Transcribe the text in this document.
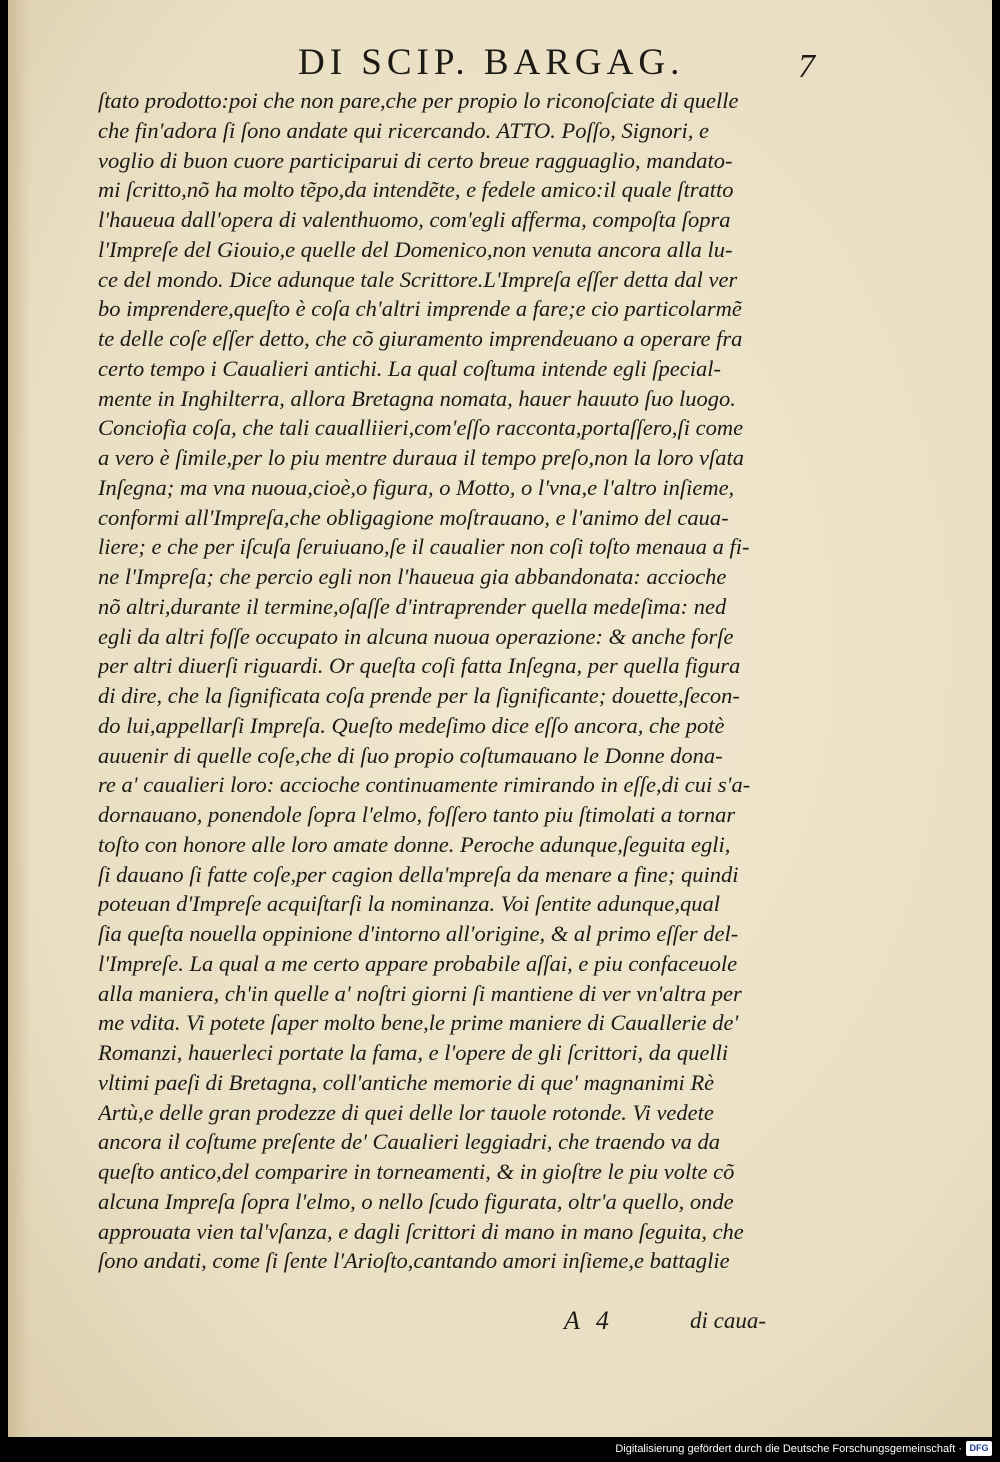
DI SCIP. BARGAG.	7
ſtato prodotto:poi che non pare,che per propio lo riconoſciate di quelle
che fin'adora ſi ſono andate qui ricercando. ATTO. Poſſo, Signori, e
voglio di buon cuore participarui di certo breue ragguaglio, mandato-
mi ſcritto,nõ ha molto tẽpo,da intendẽte, e fedele amico:il quale ſtratto
l'haueua dall'opera di valenthuomo, com'egli afferma, compoſta ſopra
l'Impreſe del Giouio,e quelle del Domenico,non venuta ancora alla lu-
ce del mondo. Dice adunque tale Scrittore.L'Impreſa eſſer detta dal ver
bo imprendere,queſto è coſa ch'altri imprende a fare;e cio particolarmẽ
te delle coſe eſſer detto, che cõ giuramento imprendeuano a operare fra
certo tempo i Caualieri antichi. La qual coſtuma intende egli ſpecial-
mente in Inghilterra, allora Bretagna nomata, hauer hauuto ſuo luogo.
Conciofia coſa, che tali caualliieri,com'eſſo racconta,portaſſero,ſi come
a vero è ſimile,per lo piu mentre duraua il tempo preſo,non la loro vſata
Inſegna; ma vna nuoua,cioè,o figura, o Motto, o l'vna,e l'altro inſieme,
conformi all'Impreſa,che obligagione moſtrauano, e l'animo del caua-
liere; e che per iſcuſa ſeruiuano,ſe il caualier non coſi toſto menaua a fi-
ne l'Impreſa; che percio egli non l'haueua gia abbandonata: accioche
nõ altri,durante il termine,oſaſſe d'intraprender quella medeſima: ned
egli da altri foſſe occupato in alcuna nuoua operazione: & anche forſe
per altri diuerſi riguardi. Or queſta coſi fatta Inſegna, per quella figura
di dire, che la ſignificata coſa prende per la ſignificante; douette,ſecon-
do lui,appellarſi Impreſa. Queſto medeſimo dice eſſo ancora, che potè
auuenir di quelle coſe,che di ſuo propio coſtumauano le Donne dona-
re a' caualieri loro: accioche continuamente rimirando in eſſe,di cui s'a-
dornauano, ponendole ſopra l'elmo, foſſero tanto piu ſtimolati a tornar
toſto con honore alle loro amate donne. Peroche adunque,ſeguita egli,
ſi dauano ſi fatte coſe,per cagion della'mpreſa da menare a fine; quindi
poteuan d'Impreſe acquiſtarſi la nominanza. Voi ſentite adunque,qual
ſia queſta nouella oppinione d'intorno all'origine, & al primo eſſer del-
l'Impreſe. La qual a me certo appare probabile aſſai, e piu confaceuole
alla maniera, ch'in quelle a' noſtri giorni ſi mantiene di ver vn'altra per
me vdita. Vi potete ſaper molto bene,le prime maniere di Cauallerie de'
Romanzi, hauerleci portate la fama, e l'opere de gli ſcrittori, da quelli
vltimi paeſi di Bretagna, coll'antiche memorie di que' magnanimi Rè
Artù,e delle gran prodezze di quei delle lor tauole rotonde. Vi vedete
ancora il coſtume preſente de' Caualieri leggiadri, che traendo va da
queſto antico,del comparire in torneamenti, & in gioſtre le piu volte cõ
alcuna Impreſa ſopra l'elmo, o nello ſcudo figurata, oltr'a quello, onde
approuata vien tal'vſanza, e dagli ſcrittori di mano in mano ſeguita, che
ſono andati, come ſi ſente l'Arioſto,cantando amori inſieme,e battaglie
A 4	di caua-
Digitalisierung gefördert durch die Deutsche Forschungsgemeinschaft · DFG
